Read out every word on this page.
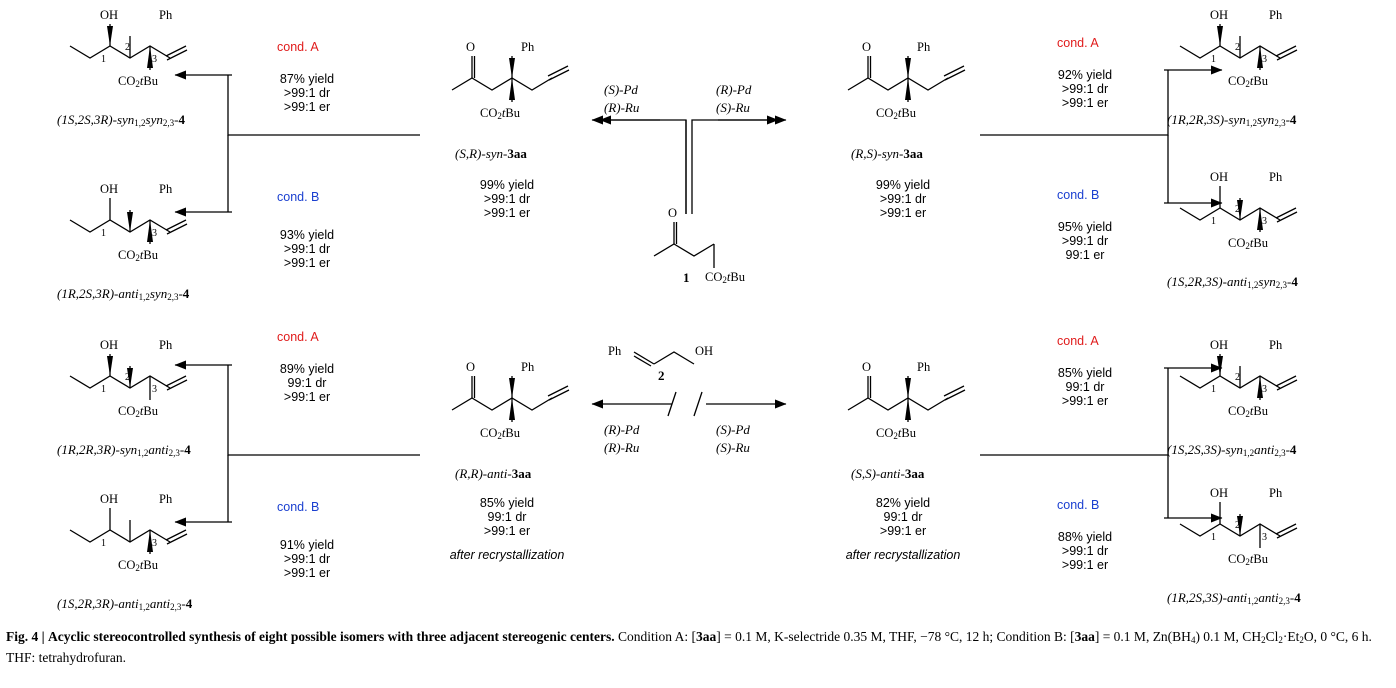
OH	Ph
1
2
3
$CO_2tBu$
(1S,2S,3R)-syn$_{1,2}$syn$_{2,3}$-4
OH	Ph
1	3
$CO_2tBu$
(1R,2S,3R)-anti$_{1,2}$syn$_{2,3}$-4
OH	Ph
1
2
3
$CO_2tBu$
(1R,2R,3R)-syn$_{1,2}$anti$_{2,3}$-4
OH	Ph
1	3
$CO_2tBu$
(1S,2R,3R)-anti$_{1,2}$anti$_{2,3}$-4
OH	Ph
1
2
3
$CO_2tBu$
(1R,2R,3S)-syn$_{1,2}$syn$_{2,3}$-4
OH	Ph
1
2
3
$CO_2tBu$
(1S,2R,3S)-anti$_{1,2}$syn$_{2,3}$-4
OH	Ph
1
2
3
$CO_2tBu$
(1S,2S,3S)-syn$_{1,2}$anti$_{2,3}$-4
OH	Ph
1
2
3
$CO_2tBu$
(1R,2S,3S)-anti$_{1,2}$anti$_{2,3}$-4
cond. A
87% yield
>99:1 dr
>99:1 er
cond. B
93% yield
>99:1 dr
>99:1 er
cond. A
89% yield
99:1 dr
>99:1 er
cond. B
91% yield
>99:1 dr
>99:1 er
cond. A
92% yield
>99:1 dr
>99:1 er
cond. B
95% yield
>99:1 dr
99:1 er
cond. A
85% yield
99:1 dr
>99:1 er
cond. B
88% yield
>99:1 dr
>99:1 er
O	Ph
$CO_2tBu$
(S,R)-syn-3aa
99% yield
>99:1 dr
>99:1 er
O	Ph
$CO_2tBu$
(R,S)-syn-3aa
99% yield
>99:1 dr
>99:1 er
O	Ph
$CO_2tBu$
(R,R)-anti-3aa
85% yield
99:1 dr
>99:1 er
after recrystallization
O	Ph
$CO_2tBu$
(S,S)-anti-3aa
82% yield
99:1 dr
>99:1 er
after recrystallization
(S)-Pd
(R)-Ru
(R)-Pd
(S)-Ru
(R)-Pd
(R)-Ru
(S)-Pd
(S)-Ru
O
$CO_2tBu$
1
Ph	OH
2
Fig. 4 | Acyclic stereocontrolled synthesis of eight possible isomers with three adjacent stereogenic centers. Condition A: [3aa] = 0.1 M, K-selectride 0.35 M, THF, −78 °C, 12 h; Condition B: [3aa] = 0.1 M, $Zn(BH_4)$ 0.1 M, $CH_2Cl_2\cdot Et_2O$, 0 °C, 6 h. THF: tetrahydrofuran.
